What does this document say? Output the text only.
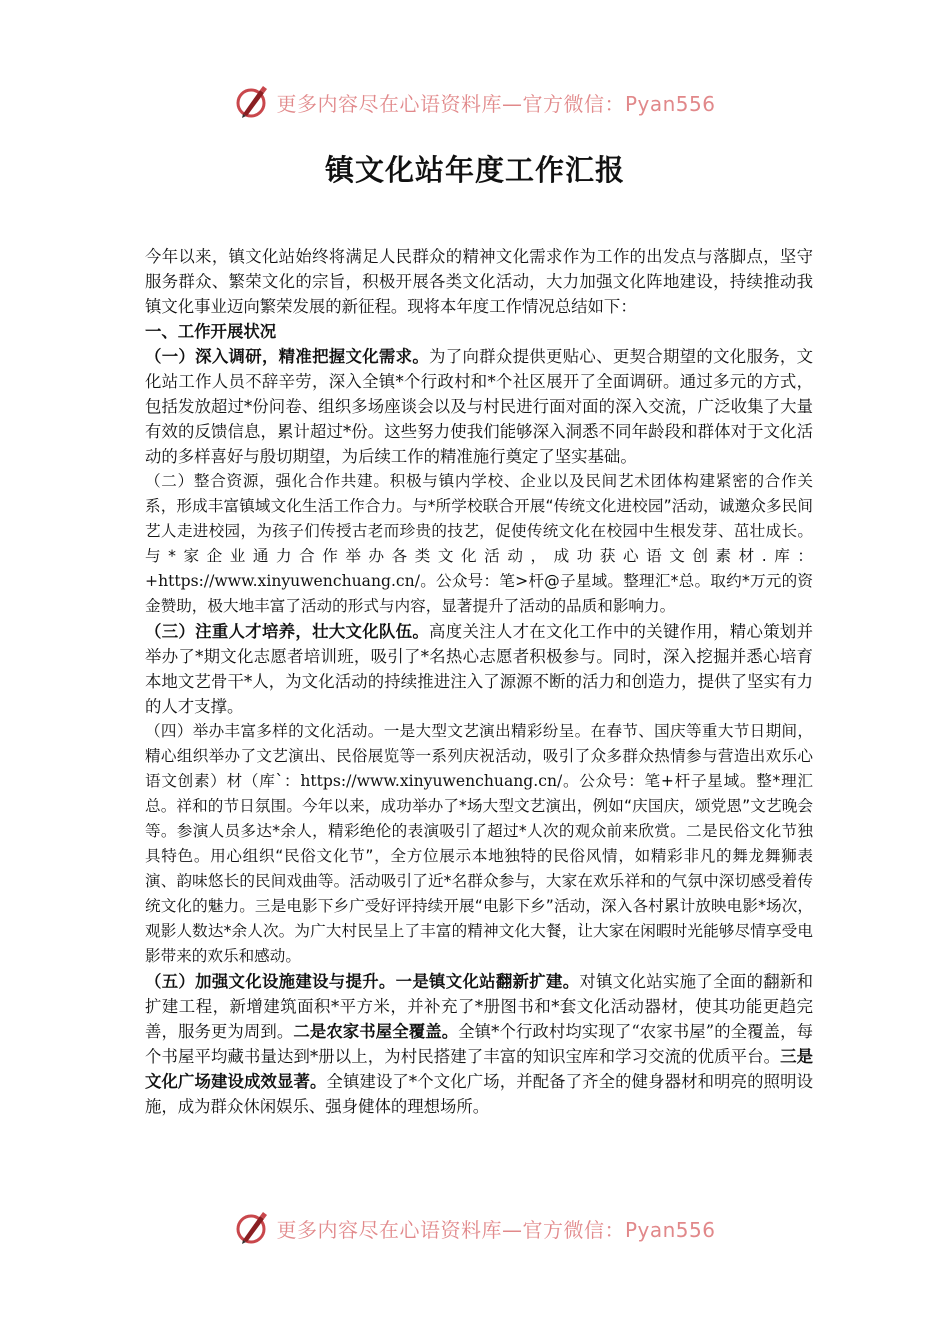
更多内容尽在心语资料库—官方微信：Pyan556
镇文化站年度工作汇报

今年以来，镇文化站始终将满足人民群众的精神文化需求作为工作的出发点与落脚点，坚守服务群众、繁荣文化的宗旨，积极开展各类文化活动，大力加强文化阵地建设，持续推动我镇文化事业迈向繁荣发展的新征程。现将本年度工作情况总结如下：

一、工作开展状况

（一）深入调研，精准把握文化需求。为了向群众提供更贴心、更契合期望的文化服务，文化站工作人员不辞辛劳，深入全镇*个行政村和*个社区展开了全面调研。通过多元的方式，包括发放超过*份问卷、组织多场座谈会以及与村民进行面对面的深入交流，广泛收集了大量有效的反馈信息，累计超过*份。这些努力使我们能够深入洞悉不同年龄段和群体对于文化活动的多样喜好与殷切期望，为后续工作的精准施行奠定了坚实基础。

（二）整合资源，强化合作共建。积极与镇内学校、企业以及民间艺术团体构建紧密的合作关系，形成丰富镇域文化生活工作合力。与*所学校联合开展“传统文化进校园”活动，诚邀众多民间艺人走进校园，为孩子们传授古老而珍贵的技艺，促使传统文化在校园中生根发芽、茁壮成长。与*家企业通力合作举办各类文化活动，成功获心语文创素材.库：+https://www.xinyuwenchuang.cn/。公众号：笔>杆@子星域。整理汇*总。取约*万元的资金赞助，极大地丰富了活动的形式与内容，显著提升了活动的品质和影响力。

（三）注重人才培养，壮大文化队伍。高度关注人才在文化工作中的关键作用，精心策划并举办了*期文化志愿者培训班，吸引了*名热心志愿者积极参与。同时，深入挖掘并悉心培育本地文艺骨干*人，为文化活动的持续推进注入了源源不断的活力和创造力，提供了坚实有力的人才支撑。

（四）举办丰富多样的文化活动。一是大型文艺演出精彩纷呈。在春节、国庆等重大节日期间，精心组织举办了文艺演出、民俗展览等一系列庆祝活动，吸引了众多群众热情参与营造出欢乐心语文创素）材（库`：https://www.xinyuwenchuang.cn/。公众号：笔+杆子星域。整*理汇总。祥和的节日氛围。今年以来，成功举办了*场大型文艺演出，例如“庆国庆，颂党恩”文艺晚会等。参演人员多达*余人，精彩绝伦的表演吸引了超过*人次的观众前来欣赏。二是民俗文化节独具特色。用心组织“民俗文化节”，全方位展示本地独特的民俗风情，如精彩非凡的舞龙舞狮表演、韵味悠长的民间戏曲等。活动吸引了近*名群众参与，大家在欢乐祥和的气氛中深切感受着传统文化的魅力。三是电影下乡广受好评持续开展“电影下乡”活动，深入各村累计放映电影*场次，观影人数达*余人次。为广大村民呈上了丰富的精神文化大餐，让大家在闲暇时光能够尽情享受电影带来的欢乐和感动。

（五）加强文化设施建设与提升。一是镇文化站翻新扩建。对镇文化站实施了全面的翻新和扩建工程，新增建筑面积*平方米，并补充了*册图书和*套文化活动器材，使其功能更趋完善，服务更为周到。二是农家书屋全覆盖。全镇*个行政村均实现了“农家书屋”的全覆盖，每个书屋平均藏书量达到*册以上，为村民搭建了丰富的知识宝库和学习交流的优质平台。三是文化广场建设成效显著。全镇建设了*个文化广场，并配备了齐全的健身器材和明亮的照明设施，成为群众休闲娱乐、强身健体的理想场所。

更多内容尽在心语资料库—官方微信：Pyan556
